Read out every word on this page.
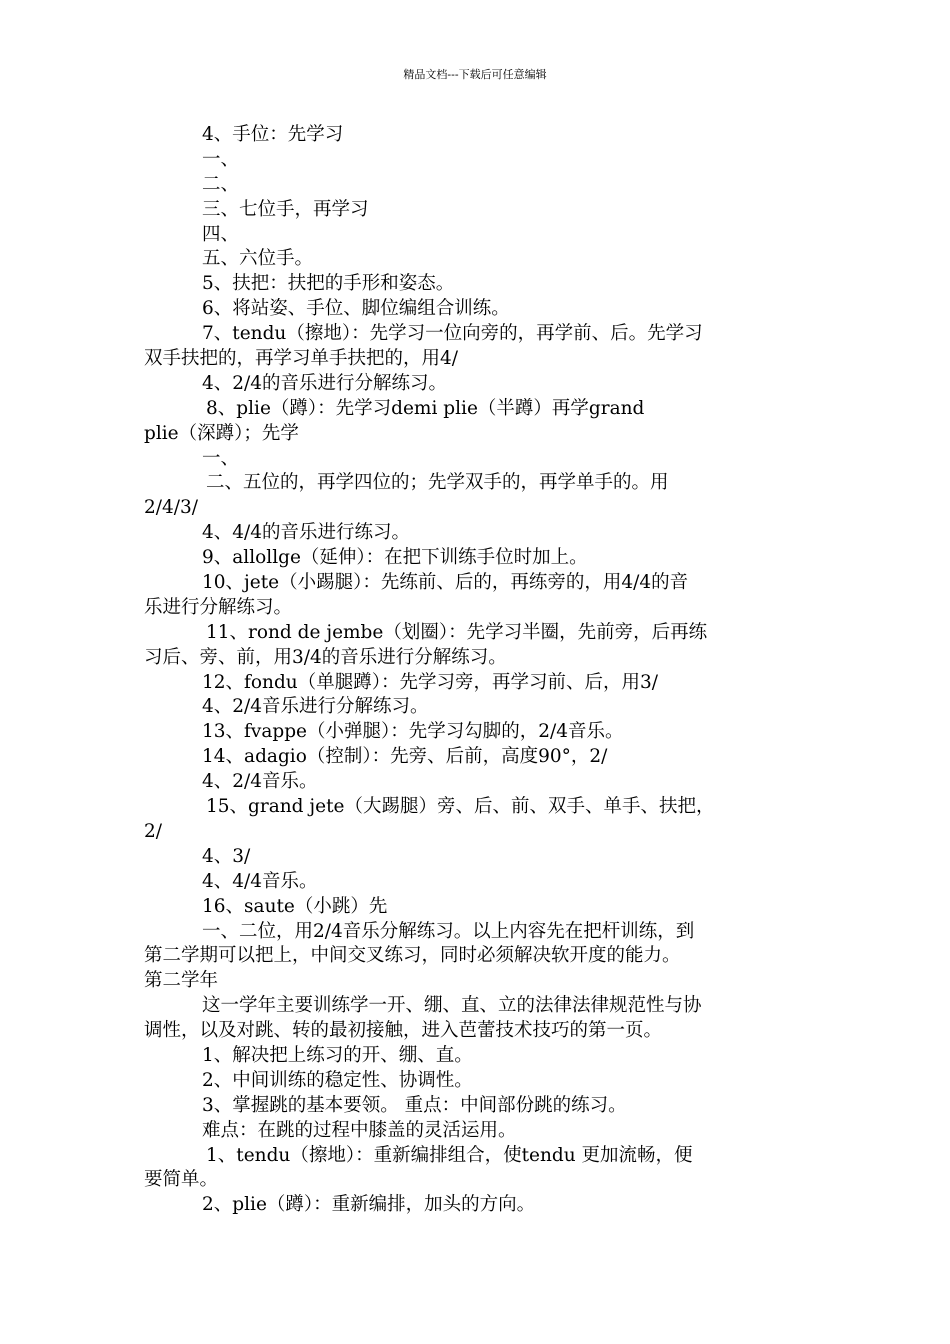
精品文档---下载后可任意编辑
4、手位：先学习
一、
二、
三、七位手，再学习
四、
五、六位手。
5、扶把：扶把的手形和姿态。
6、将站姿、手位、脚位编组合训练。
7、tendu（擦地）：先学习一位向旁的，再学前、后。先学习
双手扶把的，再学习单手扶把的，用4/
4、2/4的音乐进行分解练习。
8、plie（蹲）：先学习demi plie（半蹲）再学grand
plie（深蹲）；先学
一、
二、五位的，再学四位的；先学双手的，再学单手的。用
2/4/3/
4、4/4的音乐进行练习。
9、allollge（延伸）：在把下训练手位时加上。
10、jete（小踢腿）：先练前、后的，再练旁的，用4/4的音
乐进行分解练习。
11、rond de jembe（划圈）：先学习半圈，先前旁，后再练
习后、旁、前，用3/4的音乐进行分解练习。
12、fondu（单腿蹲）：先学习旁，再学习前、后，用3/
4、2/4音乐进行分解练习。
13、fvappe（小弹腿）：先学习勾脚的，2/4音乐。
14、adagio（控制）：先旁、后前，高度90°，2/
4、2/4音乐。
15、grand jete（大踢腿）旁、后、前、双手、单手、扶把，
2/
4、3/
4、4/4音乐。
16、saute（小跳）先
一、二位，用2/4音乐分解练习。以上内容先在把杆训练，到
第二学期可以把上，中间交叉练习，同时必须解决软开度的能力。
第二学年
这一学年主要训练学一开、绷、直、立的法律法律规范性与协
调性，以及对跳、转的最初接触，进入芭蕾技术技巧的第一页。
1、解决把上练习的开、绷、直。
2、中间训练的稳定性、协调性。
3、掌握跳的基本要领。 重点：中间部份跳的练习。
难点：在跳的过程中膝盖的灵活运用。
1、tendu（擦地）：重新编排组合，使tendu 更加流畅，便
要简单。
2、plie（蹲）：重新编排，加头的方向。
